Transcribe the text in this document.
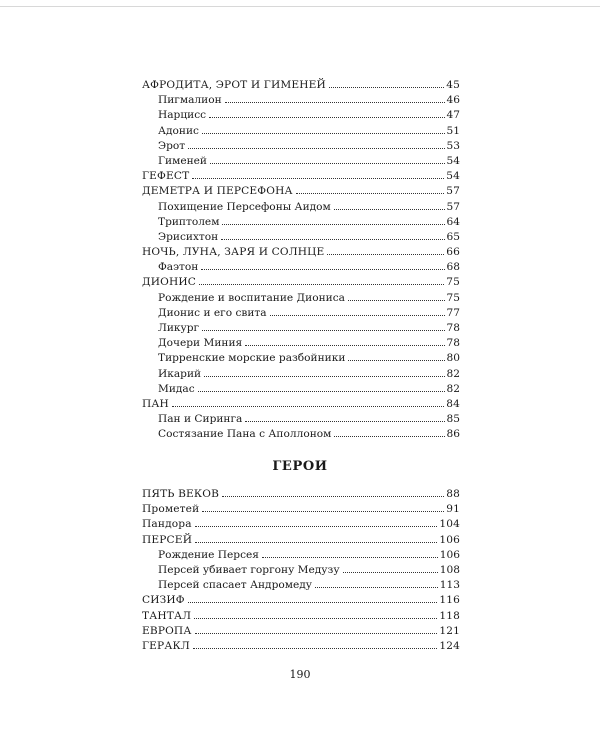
АФРОДИТА, ЭРОТ И ГИМЕНЕЙ	45
Пигмалион	46
Нарцисс	47
Адонис	51
Эрот	53
Гименей	54
ГЕФЕСТ	54
ДЕМЕТРА И ПЕРСЕФОНА	57
Похищение Персефоны Аидом	57
Триптолем	64
Эрисихтон	65
НОЧЬ, ЛУНА, ЗАРЯ И СОЛНЦЕ	66
Фаэтон	68
ДИОНИС	75
Рождение и воспитание Диониса	75
Дионис и его свита	77
Ликург	78
Дочери Миния	78
Тирренские морские разбойники	80
Икарий	82
Мидас	82
ПАН	84
Пан и Сиринга	85
Состязание Пана с Аполлоном	86
ГЕРОИ
ПЯТЬ ВЕКОВ	88
Прометей	91
Пандора	104
ПЕРСЕЙ	106
Рождение Персея	106
Персей убивает горгону Медузу	108
Персей спасает Андромеду	113
СИЗИФ	116
ТАНТАЛ	118
ЕВРОПА	121
ГЕРАКЛ	124
190
